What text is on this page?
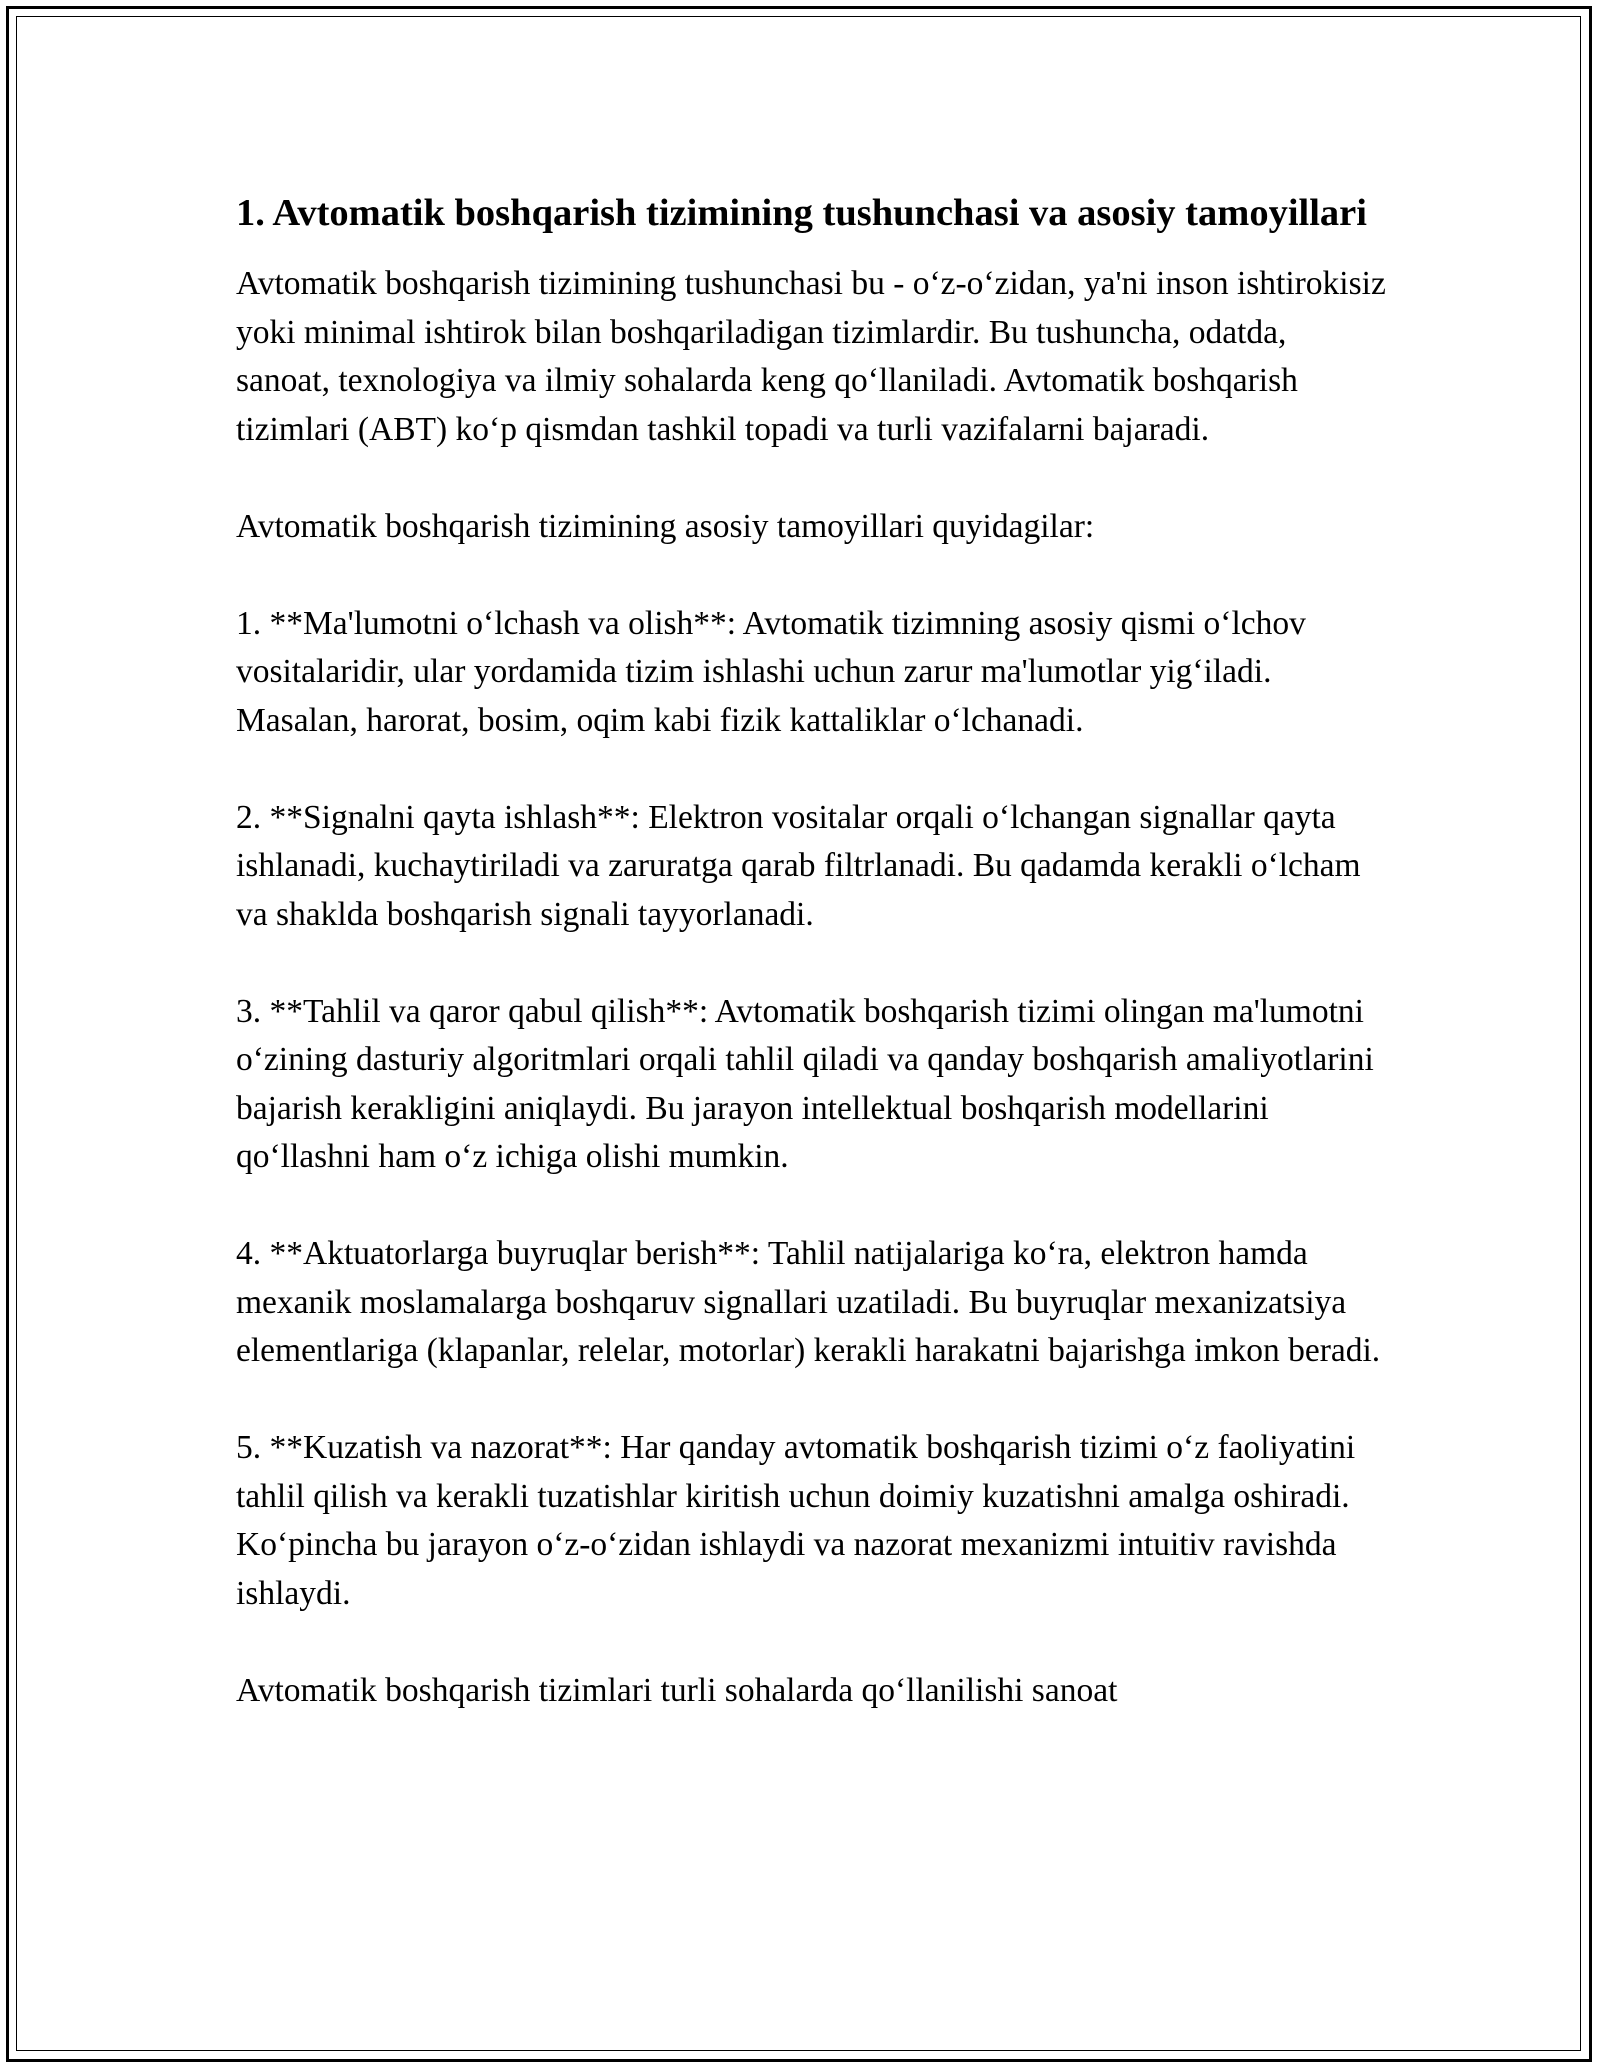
1. Avtomatik boshqarish tizimining tushunchasi va asosiy tamoyillari

Avtomatik boshqarish tizimining tushunchasi bu - o‘z-o‘zidan, ya'ni inson ishtirokisiz yoki minimal ishtirok bilan boshqariladigan tizimlardir. Bu tushuncha, odatda, sanoat, texnologiya va ilmiy sohalarda keng qo‘llaniladi. Avtomatik boshqarish tizimlari (ABT) ko‘p qismdan tashkil topadi va turli vazifalarni bajaradi.

Avtomatik boshqarish tizimining asosiy tamoyillari quyidagilar:

1. **Ma'lumotni o‘lchash va olish**: Avtomatik tizimning asosiy qismi o‘lchov vositalaridir, ular yordamida tizim ishlashi uchun zarur ma'lumotlar yig‘iladi. Masalan, harorat, bosim, oqim kabi fizik kattaliklar o‘lchanadi.

2. **Signalni qayta ishlash**: Elektron vositalar orqali o‘lchangan signallar qayta ishlanadi, kuchaytiriladi va zaruratga qarab filtrlanadi. Bu qadamda kerakli o‘lcham va shaklda boshqarish signali tayyorlanadi.

3. **Tahlil va qaror qabul qilish**: Avtomatik boshqarish tizimi olingan ma'lumotni o‘zining dasturiy algoritmlari orqali tahlil qiladi va qanday boshqarish amaliyotlarini bajarish kerakligini aniqlaydi. Bu jarayon intellektual boshqarish modellarini qo‘llashni ham o‘z ichiga olishi mumkin.

4. **Aktuatorlarga buyruqlar berish**: Tahlil natijalariga ko‘ra, elektron hamda mexanik moslamalarga boshqaruv signallari uzatiladi. Bu buyruqlar mexanizatsiya elementlariga (klapanlar, relelar, motorlar) kerakli harakatni bajarishga imkon beradi.

5. **Kuzatish va nazorat**: Har qanday avtomatik boshqarish tizimi o‘z faoliyatini tahlil qilish va kerakli tuzatishlar kiritish uchun doimiy kuzatishni amalga oshiradi. Ko‘pincha bu jarayon o‘z-o‘zidan ishlaydi va nazorat mexanizmi intuitiv ravishda ishlaydi.

Avtomatik boshqarish tizimlari turli sohalarda qo‘llanilishi sanoat
